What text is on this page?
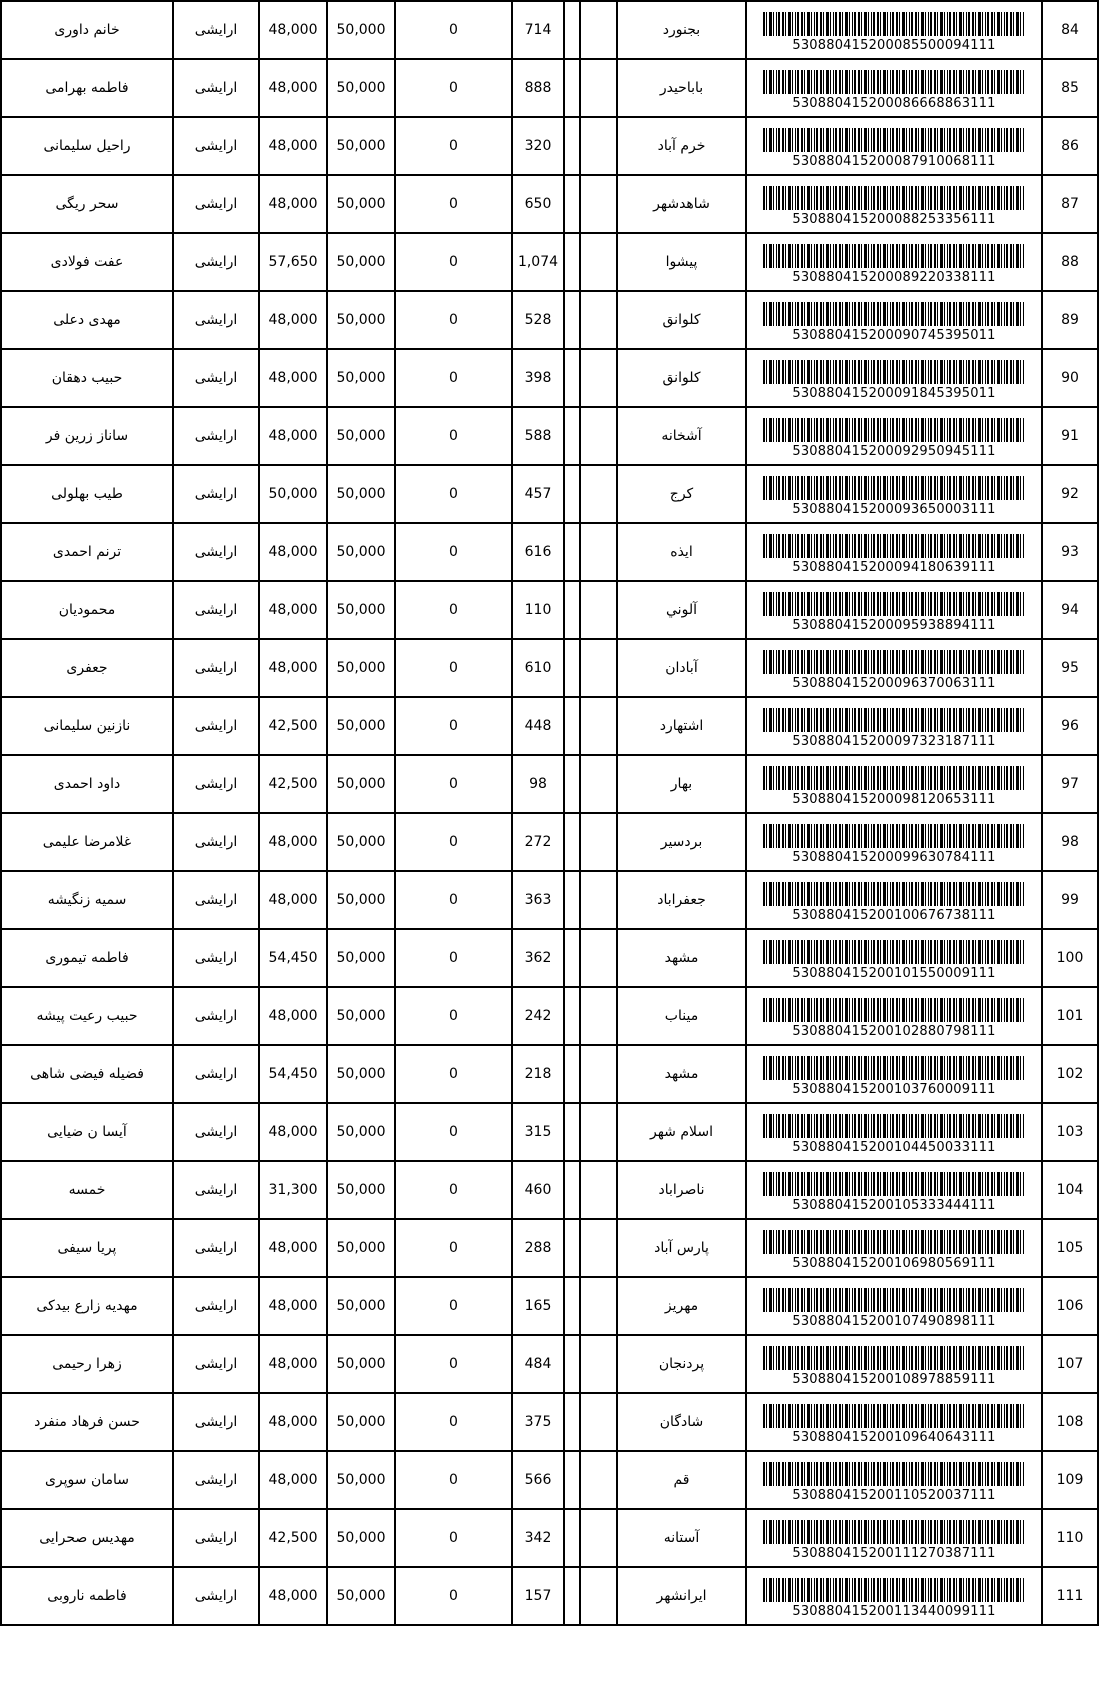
خانم داوری	ارایشی	48,000	50,000	0	714			بجنورد	530880415200085500094111	84
فاطمه بهرامی	ارایشی	48,000	50,000	0	888			باباحیدر	530880415200086668863111	85
راحیل سلیمانی	ارایشی	48,000	50,000	0	320			خرم آباد	530880415200087910068111	86
سحر ریگی	ارایشی	48,000	50,000	0	650			شاهدشهر	530880415200088253356111	87
عفت فولادی	ارایشی	57,650	50,000	0	1,074			پیشوا	530880415200089220338111	88
مهدی دعلی	ارایشی	48,000	50,000	0	528			کلوانق	530880415200090745395011	89
حبیب دهقان	ارایشی	48,000	50,000	0	398			کلوانق	530880415200091845395011	90
ساناز زرین فر	ارایشی	48,000	50,000	0	588			آشخانه	530880415200092950945111	91
طیب بهلولی	ارایشی	50,000	50,000	0	457			کرج	530880415200093650003111	92
ترنم احمدی	ارایشی	48,000	50,000	0	616			ایذه	530880415200094180639111	93
محمودیان	ارایشی	48,000	50,000	0	110			آلوني	530880415200095938894111	94
جعفری	ارایشی	48,000	50,000	0	610			آبادان	530880415200096370063111	95
نازنین سلیمانی	ارایشی	42,500	50,000	0	448			اشتهارد	530880415200097323187111	96
داود احمدی	ارایشی	42,500	50,000	0	98			بهار	530880415200098120653111	97
غلامرضا علیمی	ارایشی	48,000	50,000	0	272			بردسیر	530880415200099630784111	98
سمیه زنگیشه	ارایشی	48,000	50,000	0	363			جعفراباد	530880415200100676738111	99
فاطمه تیموری	ارایشی	54,450	50,000	0	362			مشهد	530880415200101550009111	100
حبیب رعیت پیشه	ارایشی	48,000	50,000	0	242			میناب	530880415200102880798111	101
فضیله فیضی شاهی	ارایشی	54,450	50,000	0	218			مشهد	530880415200103760009111	102
آیسا ن ضیایی	ارایشی	48,000	50,000	0	315			اسلام شهر	530880415200104450033111	103
خمسه	ارایشی	31,300	50,000	0	460			ناصراباد	530880415200105333444111	104
پریا سیفی	ارایشی	48,000	50,000	0	288			پارس آباد	530880415200106980569111	105
مهدیه زارع بیدکی	ارایشی	48,000	50,000	0	165			مهریز	530880415200107490898111	106
زهرا رحیمی	ارایشی	48,000	50,000	0	484			پردنجان	530880415200108978859111	107
حسن فرهاد منفرد	ارایشی	48,000	50,000	0	375			شادگان	530880415200109640643111	108
سامان سوپری	ارایشی	48,000	50,000	0	566			قم	530880415200110520037111	109
مهدیس صحرایی	ارایشی	42,500	50,000	0	342			آستانه	530880415200111270387111	110
فاطمه ناروبی	ارایشی	48,000	50,000	0	157			ایرانشهر	530880415200113440099111	111
